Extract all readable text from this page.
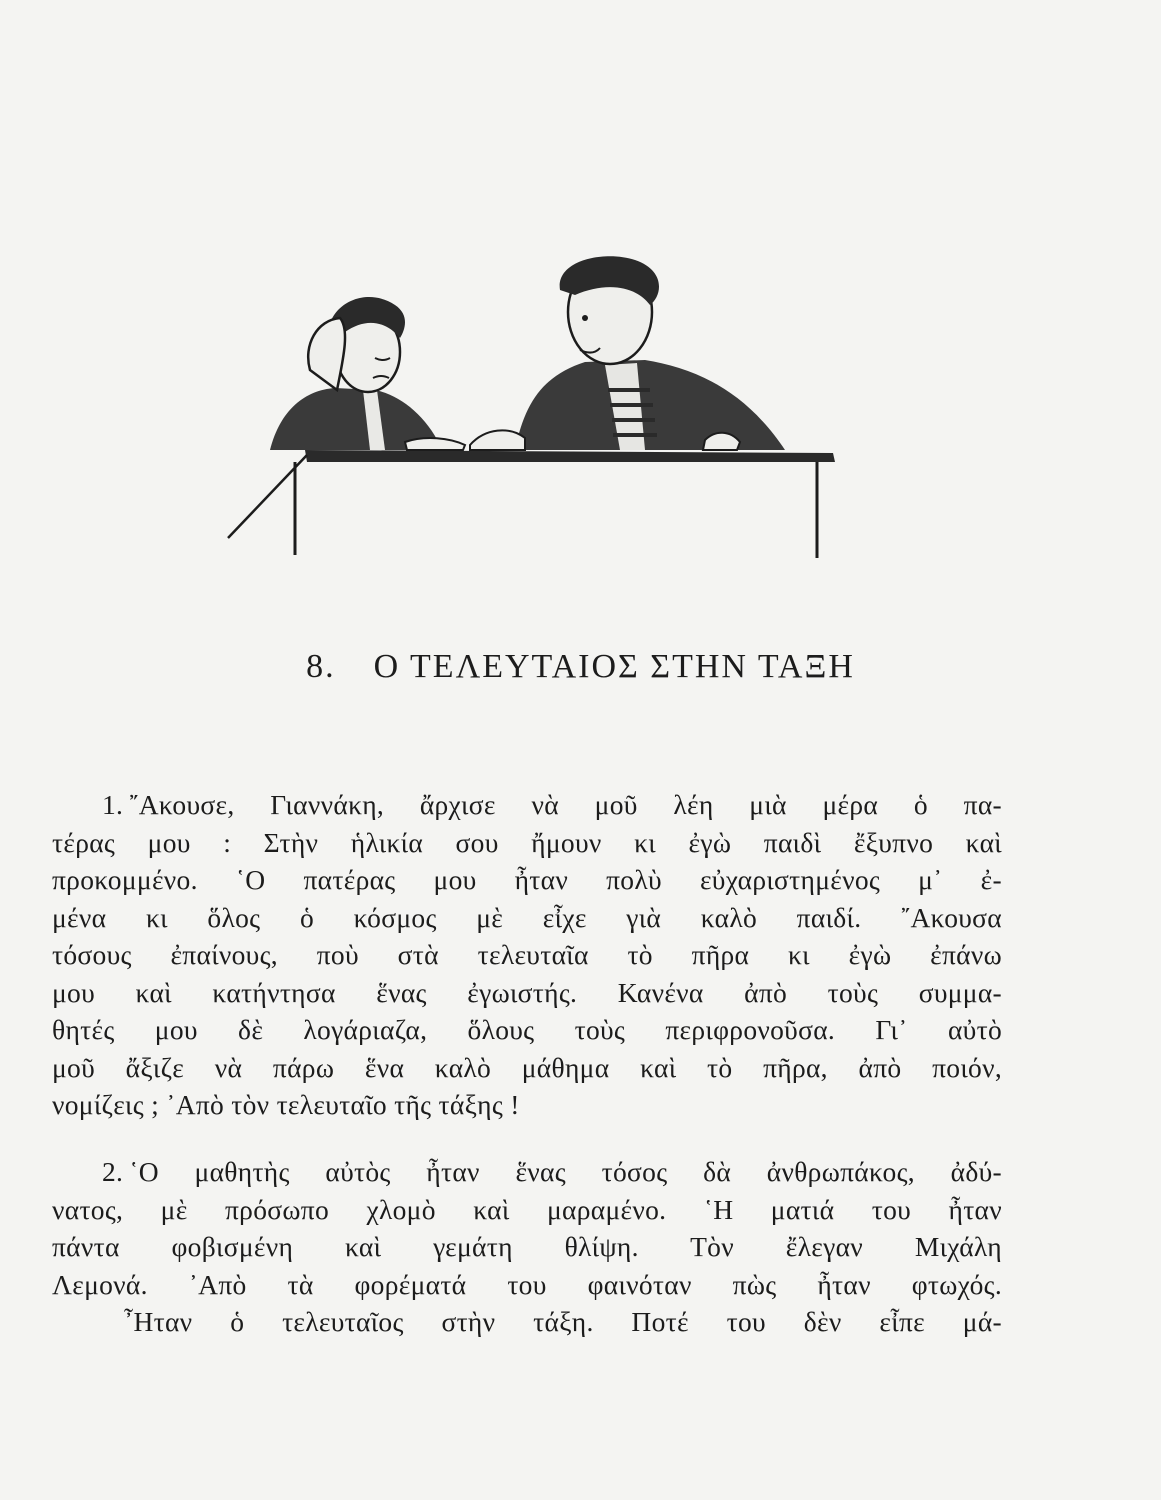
8. Ο ΤΕΛΕΥΤΑΙΟΣ ΣΤΗΝ ΤΑΞΗ
1. ῎Ακουσε, Γιαννάκη, ἄρχισε νὰ μοῦ λέη μιὰ μέρα ὁ πα-
τέρας μου : Στὴν ἡλικία σου ἤμουν κι ἐγὼ παιδὶ ἔξυπνο καὶ
προκομμένο. ῾Ο πατέρας μου ἦταν πολὺ εὐχαριστημένος μ᾽ ἐ-
μένα κι ὅλος ὁ κόσμος μὲ εἶχε γιὰ καλὸ παιδί. ῎Ακουσα
τόσους ἐπαίνους, ποὺ στὰ τελευταῖα τὸ πῆρα κι ἐγὼ ἐπάνω
μου καὶ κατήντησα ἕνας ἐγωιστής. Κανένα ἀπὸ τοὺς συμμα-
θητές μου δὲ λογάριαζα, ὅλους τοὺς περιφρονοῦσα. Γι᾽ αὐτὸ
μοῦ ἄξιζε νὰ πάρω ἕνα καλὸ μάθημα καὶ τὸ πῆρα, ἀπὸ ποιόν,
νομίζεις ; ᾽Απὸ τὸν τελευταῖο τῆς τάξης !
2. ῾Ο μαθητὴς αὐτὸς ἦταν ἕνας τόσος δὰ ἀνθρωπάκος, ἀδύ-
νατος, μὲ πρόσωπο χλομὸ καὶ μαραμένο. ῾Η ματιά του ἦταν
πάντα φοβισμένη καὶ γεμάτη θλίψη. Τὸν ἔλεγαν Μιχάλη
Λεμονά. ᾽Απὸ τὰ φορέματά του φαινόταν πὼς ἦταν φτωχός.
῏Ηταν ὁ τελευταῖος στὴν τάξη. Ποτέ του δὲν εἶπε μά-
